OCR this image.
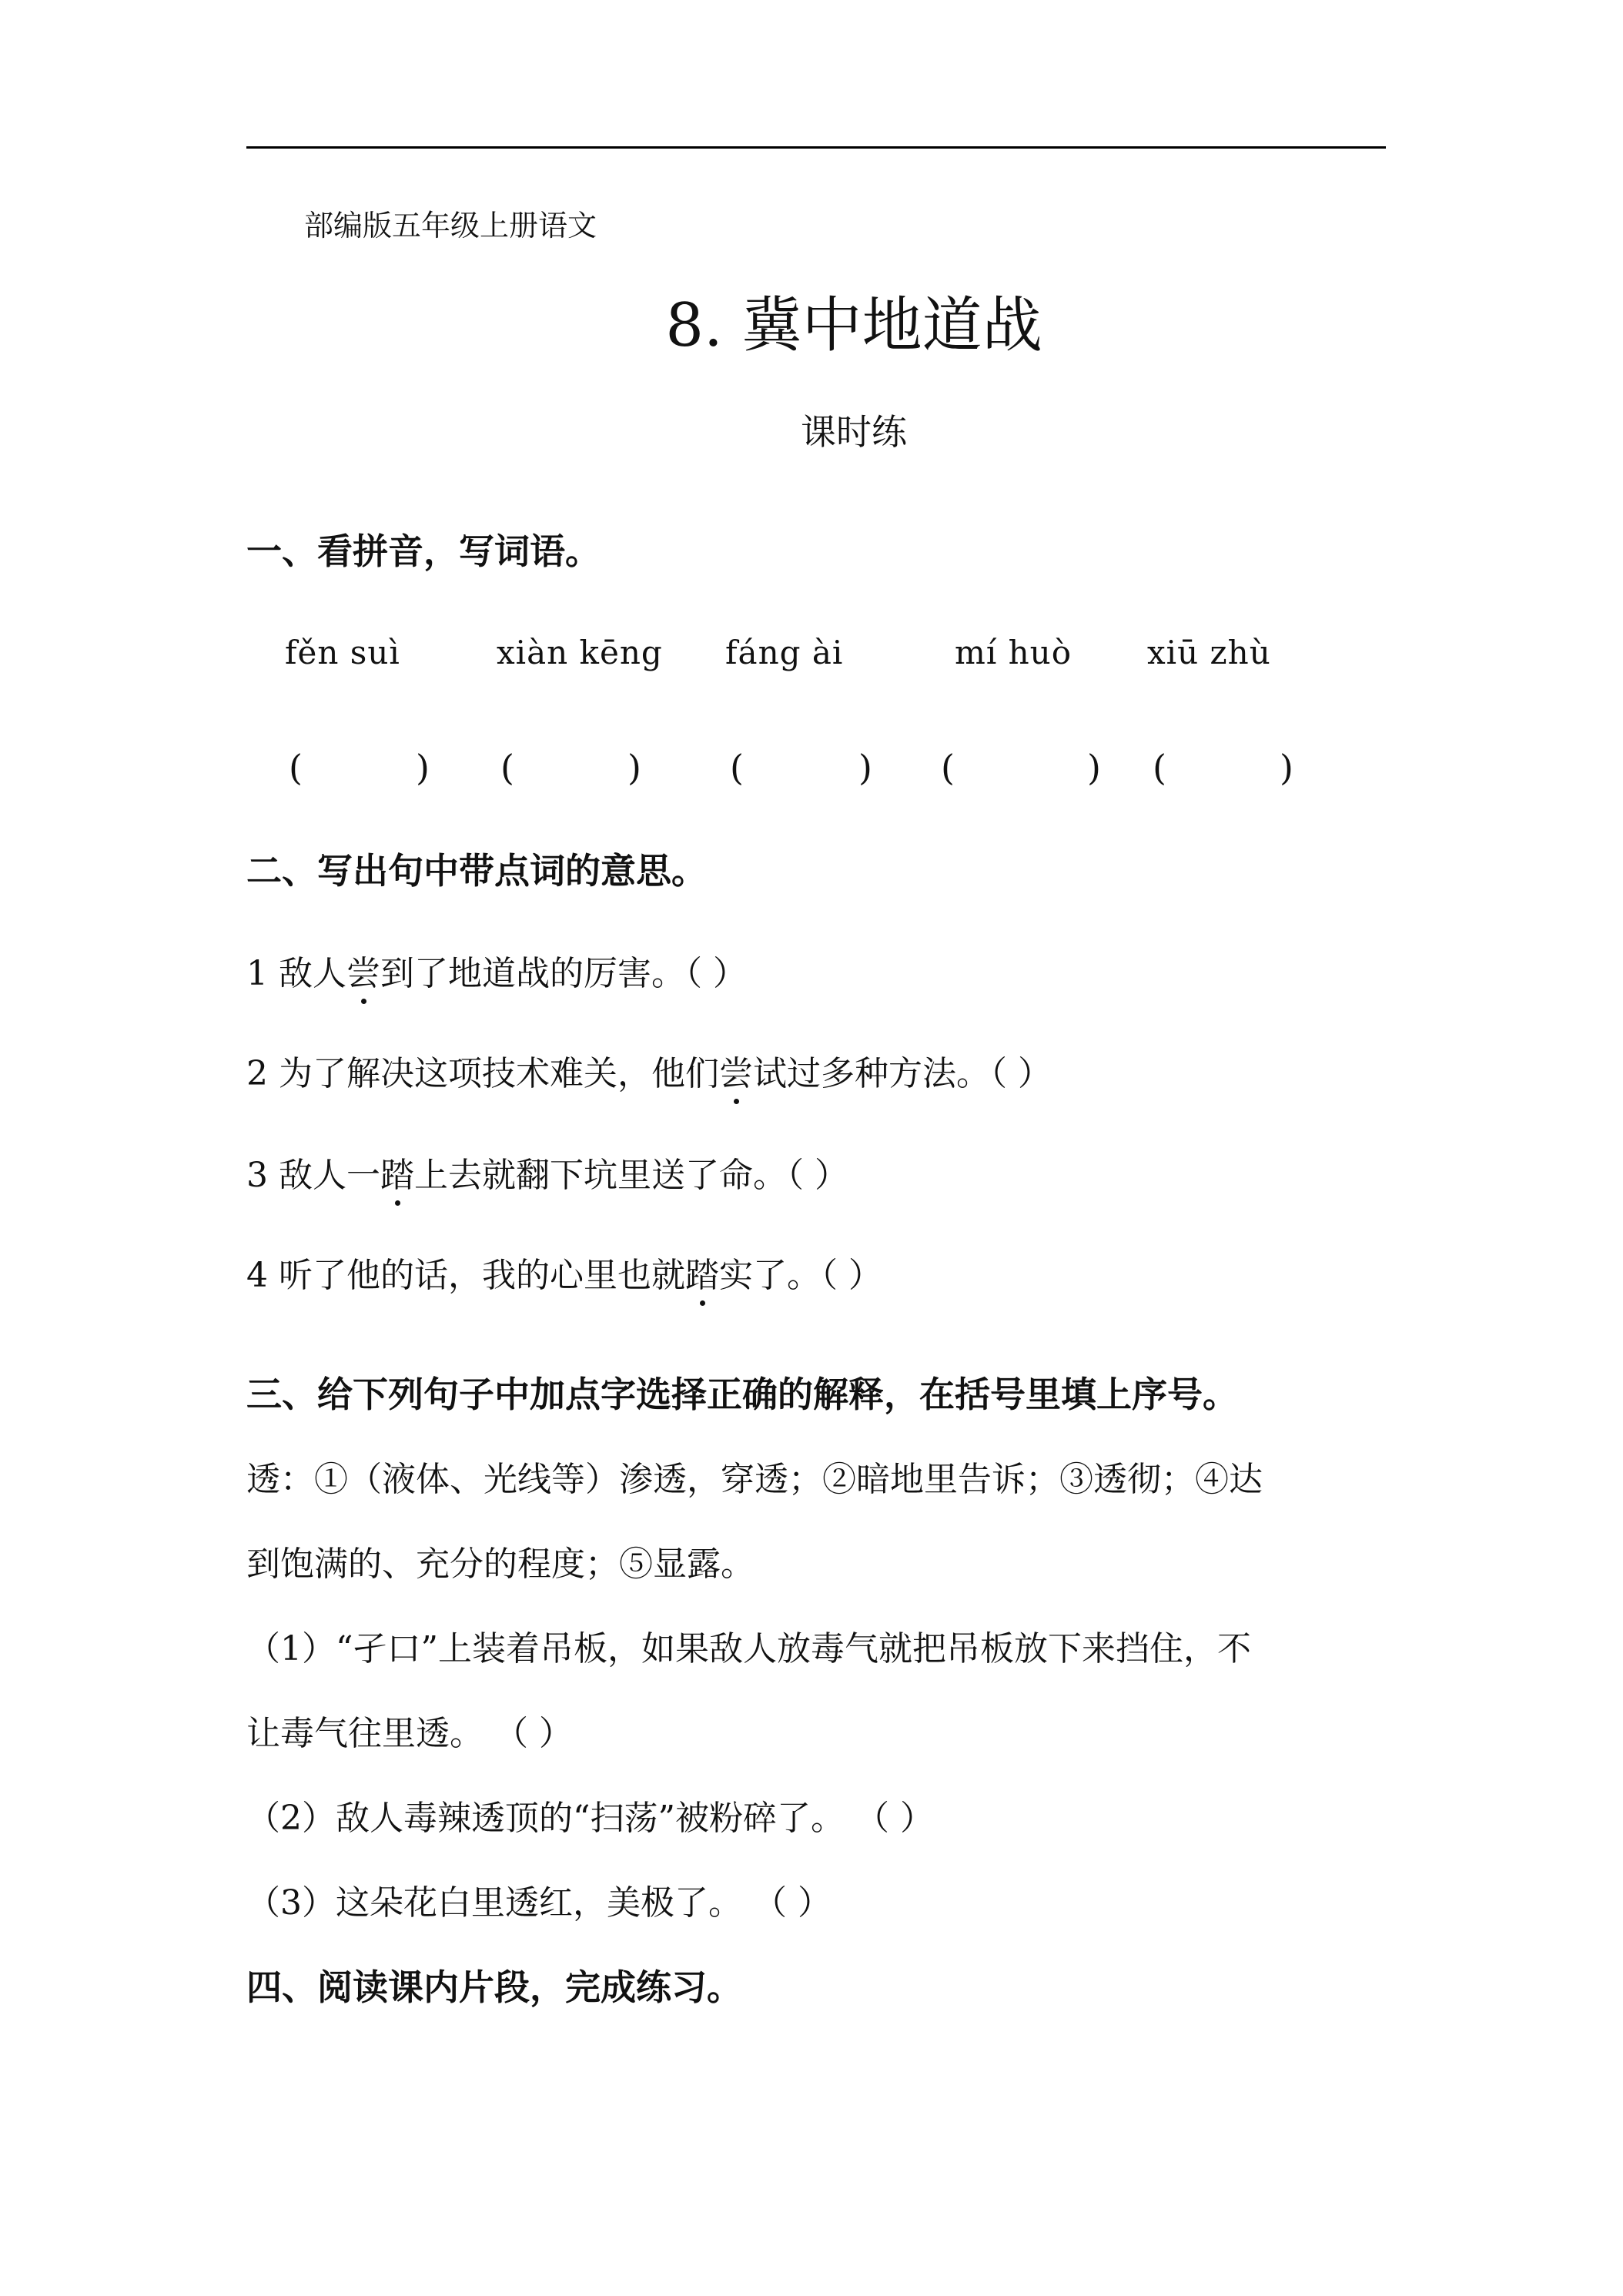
部编版五年级上册语文
8. 冀中地道战
课时练
一、看拼音，写词语。
fěn suì	xiàn kēng fáng ài	mí huò xiū zhù
(	) (	)	(	) (	) (	)
二、写出句中带点词的意思。
1 敌人尝到了地道战的厉害。（ ）
2 为了解决这项技术难关，他们尝试过多种方法。（ ）
3 敌人一踏上去就翻下坑里送了命。（ ）
4 听了他的话，我的心里也就踏实了。（ ）
三、给下列句子中加点字选择正确的解释，在括号里填上序号。
透：①（液体、光线等）渗透，穿透；②暗地里告诉；③透彻；④达
到饱满的、充分的程度；⑤显露。
（1）“孑口”上装着吊板，如果敌人放毒气就把吊板放下来挡住，不
让毒气往里透。 （ ）
（2）敌人毒辣透顶的“扫荡”被粉碎了。 （ ）
（3）这朵花白里透红，美极了。 （ ）
四、阅读课内片段，完成练习。
